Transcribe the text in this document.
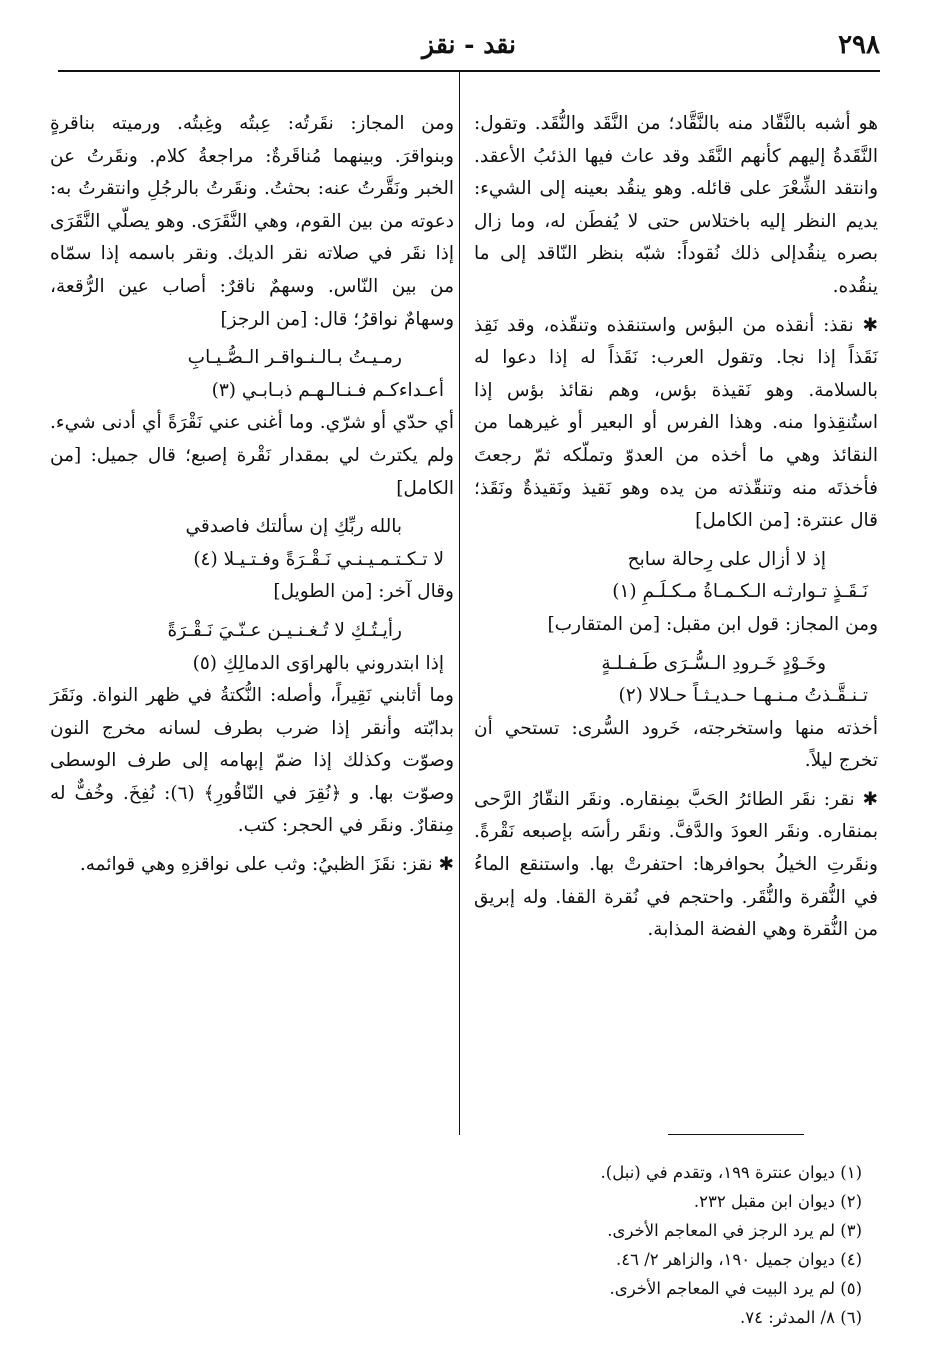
٢٩٨
نقد - نقز

هو أشبه بالنَّقّاد منه بالنَّقَّاد؛ من النَّقَد والنُّقَد. وتقول: النَّقَدةُ إليهم كأنهم النَّقَد وقد عاث فيها الذئبُ الأعقد. وانتقد الشِّعْرَ على قائله. وهو ينقُد بعينه إلى الشيء: يديم النظر إليه باختلاس حتى لا يُفطَن له، وما زال بصره ينقُدإلى ذلك نُقوداً: شبّه بنظر النّاقد إلى ما ينقُده.

✱ نقذ: أنقذه من البؤس واستنقذه وتنقّذه، وقد نَقِذ نَقَذاً إذا نجا. وتقول العرب: نَقَذاً له إذا دعوا له بالسلامة. وهو نَقيذة بؤس، وهم نقائذ بؤس إذا استُنقِذوا منه. وهذا الفرس أو البعير أو غيرهما من النقائذ وهي ما أخذه من العدوّ وتملّكه ثمّ رجعتَ فأخذتَه منه وتنقّذته من يده وهو نَقيذ ونَقيذةٌ ونَقَذ؛ قال عنترة: [من الكامل]

إذ لا أزال على رِحالة سابح
نَـقَـذٍ تـوارثـه الـكـمـاةُ مـكـلَـمِ (١)

ومن المجاز: قول ابن مقبل: [من المتقارب]

وخَـوْدٍ خَـرودِ الـسُّـرَى طَـفـلـةٍ
تـنـقَّـذتُ مـنـهـا حـديـثـاً حـلالا (٢)

أخذته منها واستخرجته، خَرود السُّرى: تستحي أن تخرج ليلاً.

✱ نقر: نقَر الطائرُ الحَبَّ بمِنقاره. ونقَر النقّارُ الرَّحى بمنقاره. ونقَر العودَ والدَّفَّ. ونقَر رأسَه بإصبعه نَقْرةً. ونقَرتِ الخيلُ بحوافرها: احتفرتْ بها. واستنقع الماءُ في النُّقرة والنُّقَر. واحتجم في نُقرة القفا. وله إبريق من النُّقرة وهي الفضة المذابة.

ومن المجاز: نقَرتُه: عِبتُه وغِبتُه. ورميته بناقرةٍ وبنواقرَ. وبينهما مُناقَرةٌ: مراجعةُ كلام. ونقَرتُ عن الخبر ونَقَّرتُ عنه: بحثتُ. ونقَرتُ بالرجُلِ وانتقرتُ به: دعوته من بين القوم، وهي النَّقَرَى. وهو يصلّي النَّقَرَى إذا نقَر في صلاته نقر الديك. ونقر باسمه إذا سمّاه من بين النّاس. وسهمٌ ناقرٌ: أصاب عين الرُّقعة، وسهامٌ نواقرُ؛ قال: [من الرجز]

رمـيـتُ بـالـنـواقـر الـصُّـيـابِ
أعـداءكـم فـنـالـهـم ذبـابـي (٣)

أي حدّي أو شرّي. وما أغنى عني نَقْرَةً أي أدنى شيء. ولم يكترث لي بمقدار نَقْرة إصبع؛ قال جميل: [من الكامل]

بالله ربِّكِ إن سألتك فاصدقي
لا تـكـتـمـيـنـي نَـقْـرَةً وفـتـيـلا (٤)

وقال آخر: [من الطويل]

رأيـتُـكِ لا تُـغـنـيـن عـنّـيَ نَـقْـرَةً
إذا ابتدروني بالهراوَى الدمالِكِ (٥)

وما أثابني نَقِيراً، وأصله: النُّكتةُ في ظهر النواة. ونَقَرَ بدابّته وأنقر إذا ضرب بطرف لسانه مخرج النون وصوّت وكذلك إذا ضمّ إبهامه إلى طرف الوسطى وصوّت بها. و ﴿نُقِرَ في النّاقُورِ﴾ (٦): نُفِخَ. وخُفٌّ له مِنقارٌ. ونقَر في الحجر: كتب.

✱ نقز: نقَزَ الظبيُ: وثب على نواقزهِ وهي قوائمه.

(١) ديوان عنترة ١٩٩، وتقدم في (نبل).
(٢) ديوان ابن مقبل ٢٣٢.
(٣) لم يرد الرجز في المعاجم الأخرى.
(٤) ديوان جميل ١٩٠، والزاهر ٢/ ٤٦.
(٥) لم يرد البيت في المعاجم الأخرى.
(٦) ٨/ المدثر: ٧٤.
